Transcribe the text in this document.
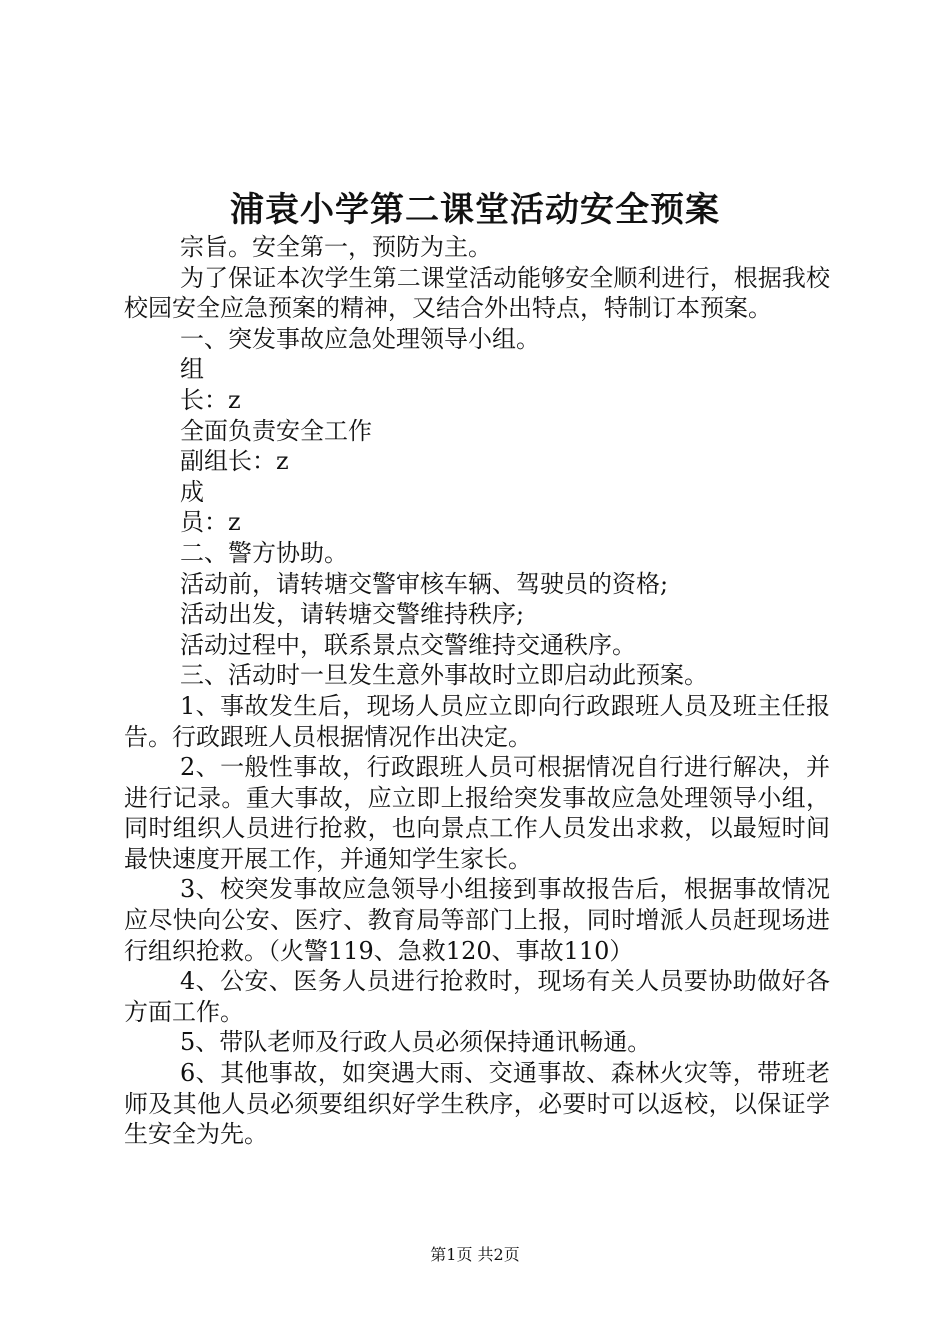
浦袁小学第二课堂活动安全预案

宗旨。安全第一，预防为主。

为了保证本次学生第二课堂活动能够安全顺利进行，根据我校校园安全应急预案的精神，又结合外出特点，特制订本预案。

一、突发事故应急处理领导小组。

组

长：z

全面负责安全工作

副组长：z

成

员：z

二、警方协助。

活动前，请转塘交警审核车辆、驾驶员的资格;

活动出发，请转塘交警维持秩序;

活动过程中，联系景点交警维持交通秩序。

三、活动时一旦发生意外事故时立即启动此预案。

1、事故发生后，现场人员应立即向行政跟班人员及班主任报告。行政跟班人员根据情况作出决定。

2、一般性事故，行政跟班人员可根据情况自行进行解决，并进行记录。重大事故，应立即上报给突发事故应急处理领导小组，同时组织人员进行抢救，也向景点工作人员发出求救，以最短时间最快速度开展工作，并通知学生家长。

3、校突发事故应急领导小组接到事故报告后，根据事故情况应尽快向公安、医疗、教育局等部门上报，同时增派人员赶现场进行组织抢救。（火警119、急救120、事故110）

4、公安、医务人员进行抢救时，现场有关人员要协助做好各方面工作。

5、带队老师及行政人员必须保持通讯畅通。

6、其他事故，如突遇大雨、交通事故、森林火灾等，带班老师及其他人员必须要组织好学生秩序，必要时可以返校，以保证学生安全为先。

第1页 共2页
